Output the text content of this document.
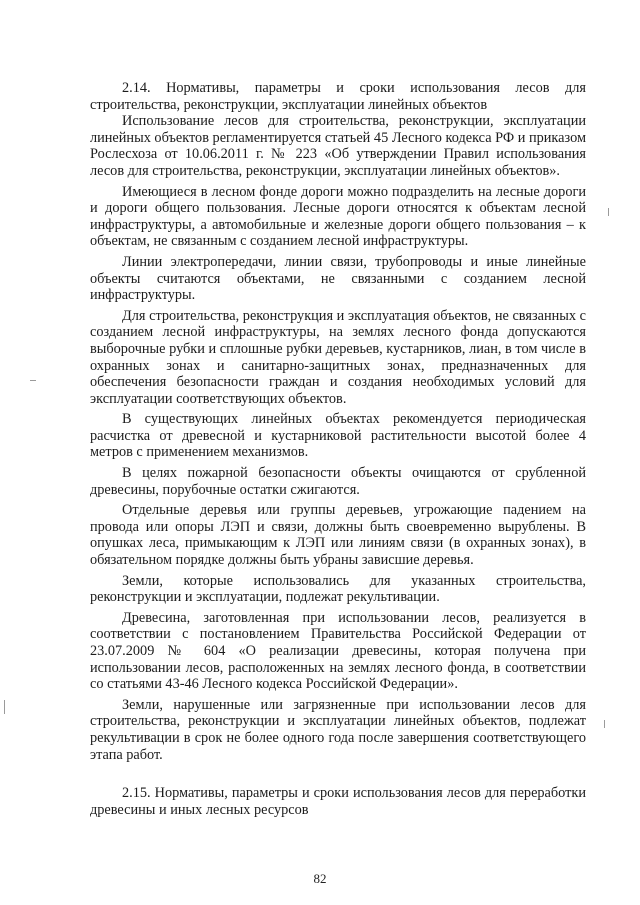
2.14. Нормативы, параметры и сроки использования лесов для строительства, реконструкции, эксплуатации линейных объектов

Использование лесов для строительства, реконструкции, эксплуатации линейных объектов регламентируется статьей 45 Лесного кодекса РФ и приказом Рослесхоза от 10.06.2011 г. № 223 «Об утверждении Правил использования лесов для строительства, реконструкции, эксплуатации линейных объектов».

Имеющиеся в лесном фонде дороги можно подразделить на лесные дороги и дороги общего пользования. Лесные дороги относятся к объектам лесной инфраструктуры, а автомобильные и железные дороги общего пользования – к объектам, не связанным с созданием лесной инфраструктуры.

Линии электропередачи, линии связи, трубопроводы и иные линейные объекты считаются объектами, не связанными с созданием лесной инфраструктуры.

Для строительства, реконструкция и эксплуатация объектов, не связанных с созданием лесной инфраструктуры, на землях лесного фонда допускаются выборочные рубки и сплошные рубки деревьев, кустарников, лиан, в том числе в охранных зонах и санитарно-защитных зонах, предназначенных для обеспечения безопасности граждан и создания необходимых условий для эксплуатации соответствующих объектов.

В существующих линейных объектах рекомендуется периодическая расчистка от древесной и кустарниковой растительности высотой более 4 метров с применением механизмов.

В целях пожарной безопасности объекты очищаются от срубленной древесины, порубочные остатки сжигаются.

Отдельные деревья или группы деревьев, угрожающие падением на провода или опоры ЛЭП и связи, должны быть своевременно вырублены. В опушках леса, примыкающим к ЛЭП или линиям связи (в охранных зонах), в обязательном порядке должны быть убраны зависшие деревья.

Земли, которые использовались для указанных строительства, реконструкции и эксплуатации, подлежат рекультивации.

Древесина, заготовленная при использовании лесов, реализуется в соответствии с постановлением Правительства Российской Федерации от 23.07.2009 № 604 «О реализации древесины, которая получена при использовании лесов, расположенных на землях лесного фонда, в соответствии со статьями 43-46 Лесного кодекса Российской Федерации».

Земли, нарушенные или загрязненные при использовании лесов для строительства, реконструкции и эксплуатации линейных объектов, подлежат рекультивации в срок не более одного года после завершения соответствующего этапа работ.

2.15. Нормативы, параметры и сроки использования лесов для переработки древесины и иных лесных ресурсов

82
